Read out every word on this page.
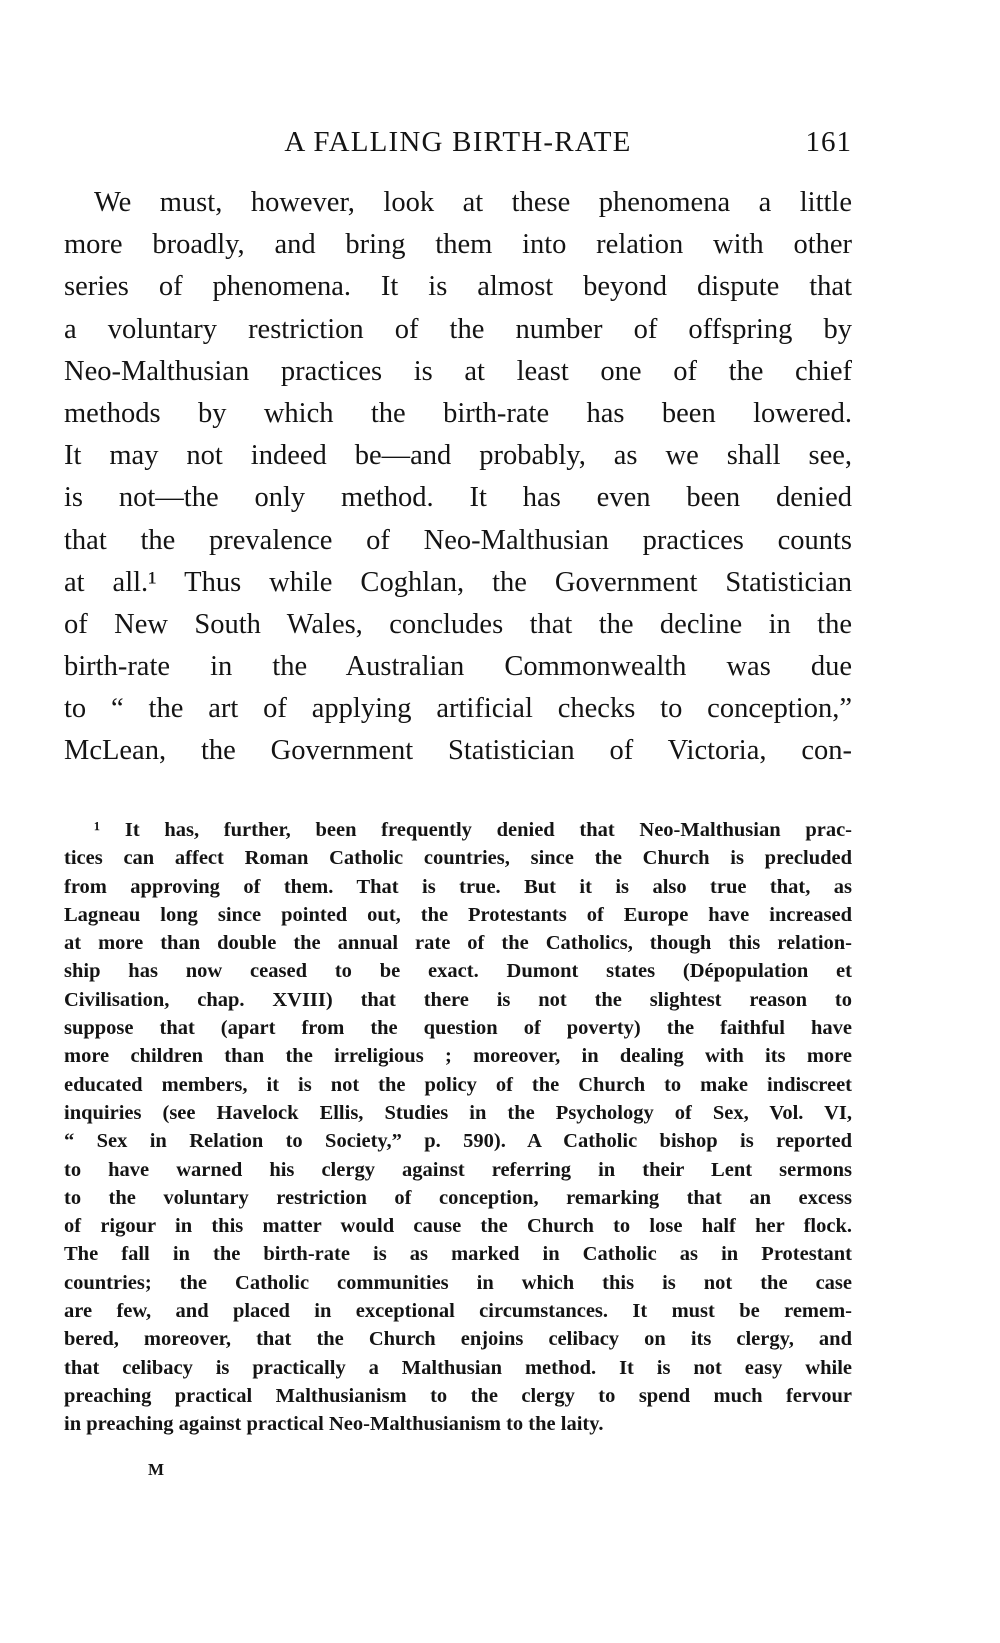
A FALLING BIRTH-RATE	161
We must, however, look at these phenomena a little
more broadly, and bring them into relation with other
series of phenomena. It is almost beyond dispute that
a voluntary restriction of the number of offspring by
Neo-Malthusian practices is at least one of the chief
methods by which the birth-rate has been lowered.
It may not indeed be—and probably, as we shall see,
is not—the only method. It has even been denied
that the prevalence of Neo-Malthusian practices counts
at all.¹ Thus while Coghlan, the Government Statistician
of New South Wales, concludes that the decline in the
birth-rate in the Australian Commonwealth was due
to “ the art of applying artificial checks to conception,”
McLean, the Government Statistician of Victoria, con-
¹ It has, further, been frequently denied that Neo-Malthusian prac-
tices can affect Roman Catholic countries, since the Church is precluded
from approving of them. That is true. But it is also true that, as
Lagneau long since pointed out, the Protestants of Europe have increased
at more than double the annual rate of the Catholics, though this relation-
ship has now ceased to be exact. Dumont states (Dépopulation et
Civilisation, chap. XVIII) that there is not the slightest reason to
suppose that (apart from the question of poverty) the faithful have
more children than the irreligious ; moreover, in dealing with its more
educated members, it is not the policy of the Church to make indiscreet
inquiries (see Havelock Ellis, Studies in the Psychology of Sex, Vol. VI,
“ Sex in Relation to Society,” p. 590). A Catholic bishop is reported
to have warned his clergy against referring in their Lent sermons
to the voluntary restriction of conception, remarking that an excess
of rigour in this matter would cause the Church to lose half her flock.
The fall in the birth-rate is as marked in Catholic as in Protestant
countries; the Catholic communities in which this is not the case
are few, and placed in exceptional circumstances. It must be remem-
bered, moreover, that the Church enjoins celibacy on its clergy, and
that celibacy is practically a Malthusian method. It is not easy while
preaching practical Malthusianism to the clergy to spend much fervour
in preaching against practical Neo-Malthusianism to the laity.
M
